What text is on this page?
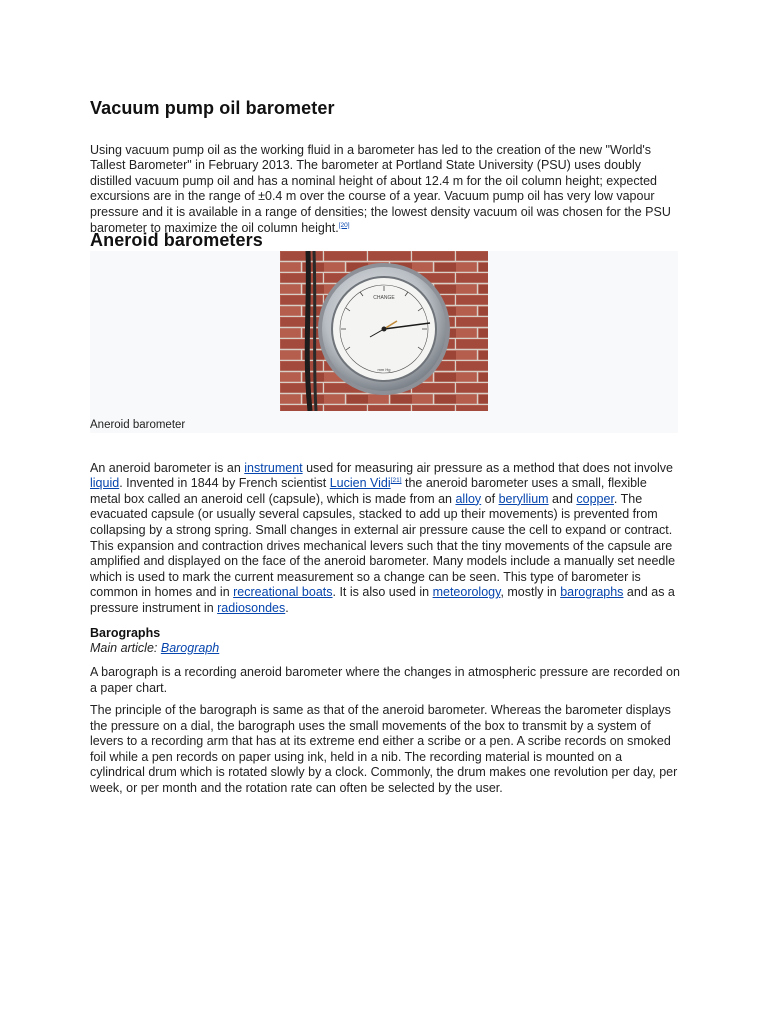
Vacuum pump oil barometer

Using vacuum pump oil as the working fluid in a barometer has led to the creation of the new "World's Tallest Barometer" in February 2013. The barometer at Portland State University (PSU) uses doubly distilled vacuum pump oil and has a nominal height of about 12.4 m for the oil column height; expected excursions are in the range of ±0.4 m over the course of a year. Vacuum pump oil has very low vapour pressure and it is available in a range of densities; the lowest density vacuum oil was chosen for the PSU barometer to maximize the oil column height.[20]

Aneroid barometers
CHANGE
mm Hg
Aneroid barometer

An aneroid barometer is an instrument used for measuring air pressure as a method that does not involve liquid. Invented in 1844 by French scientist Lucien Vidi[21] the aneroid barometer uses a small, flexible metal box called an aneroid cell (capsule), which is made from an alloy of beryllium and copper. The evacuated capsule (or usually several capsules, stacked to add up their movements) is prevented from collapsing by a strong spring. Small changes in external air pressure cause the cell to expand or contract. This expansion and contraction drives mechanical levers such that the tiny movements of the capsule are amplified and displayed on the face of the aneroid barometer. Many models include a manually set needle which is used to mark the current measurement so a change can be seen. This type of barometer is common in homes and in recreational boats. It is also used in meteorology, mostly in barographs and as a pressure instrument in radiosondes.

Barographs

Main article: Barograph

A barograph is a recording aneroid barometer where the changes in atmospheric pressure are recorded on a paper chart.

The principle of the barograph is same as that of the aneroid barometer. Whereas the barometer displays the pressure on a dial, the barograph uses the small movements of the box to transmit by a system of levers to a recording arm that has at its extreme end either a scribe or a pen. A scribe records on smoked foil while a pen records on paper using ink, held in a nib. The recording material is mounted on a cylindrical drum which is rotated slowly by a clock. Commonly, the drum makes one revolution per day, per week, or per month and the rotation rate can often be selected by the user.
